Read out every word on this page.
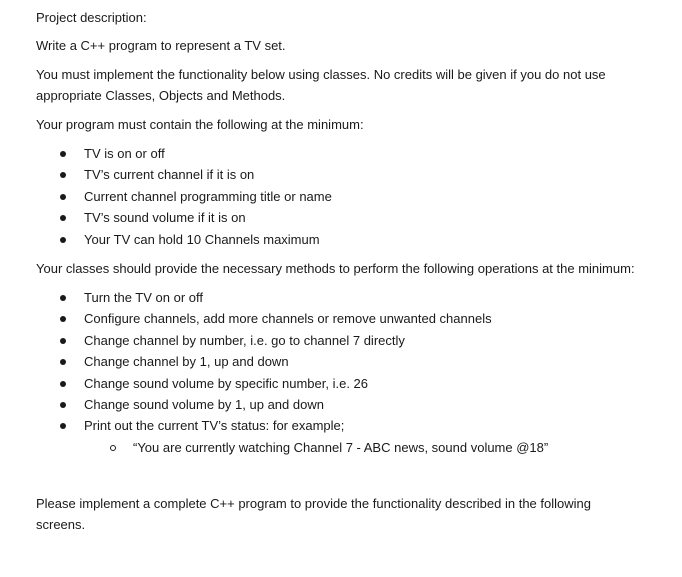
Project description:
Write a C++ program to represent a TV set.
You must implement the functionality below using classes. No credits will be given if you do not use
appropriate Classes, Objects and Methods.
Your program must contain the following at the minimum:
TV is on or off
TV’s current channel if it is on
Current channel programming title or name
TV’s sound volume if it is on
Your TV can hold 10 Channels maximum
Your classes should provide the necessary methods to perform the following operations at the minimum:
Turn the TV on or off
Configure channels, add more channels or remove unwanted channels
Change channel by number, i.e. go to channel 7 directly
Change channel by 1, up and down
Change sound volume by specific number, i.e. 26
Change sound volume by 1, up and down
Print out the current TV’s status: for example;
“You are currently watching Channel 7 - ABC news, sound volume @18”
Please implement a complete C++ program to provide the functionality described in the following
screens.
